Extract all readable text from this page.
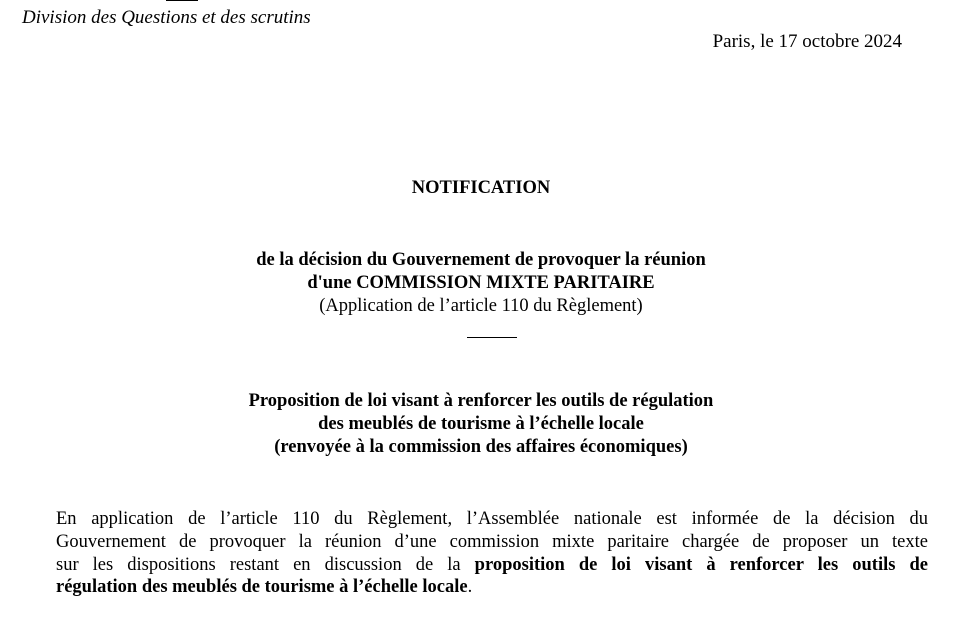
Division des Questions et des scrutins
Paris, le 17 octobre 2024
NOTIFICATION
de la décision du Gouvernement de provoquer la réunion
d'une COMMISSION MIXTE PARITAIRE
(Application de l’article 110 du Règlement)
Proposition de loi visant à renforcer les outils de régulation
des meublés de tourisme à l’échelle locale
(renvoyée à la commission des affaires économiques)
En application de l’article 110 du Règlement, l’Assemblée nationale est informée de la décision du
Gouvernement de provoquer la réunion d’une commission mixte paritaire chargée de proposer un texte
sur les dispositions restant en discussion de la proposition de loi visant à renforcer les outils de
régulation des meublés de tourisme à l’échelle locale.
